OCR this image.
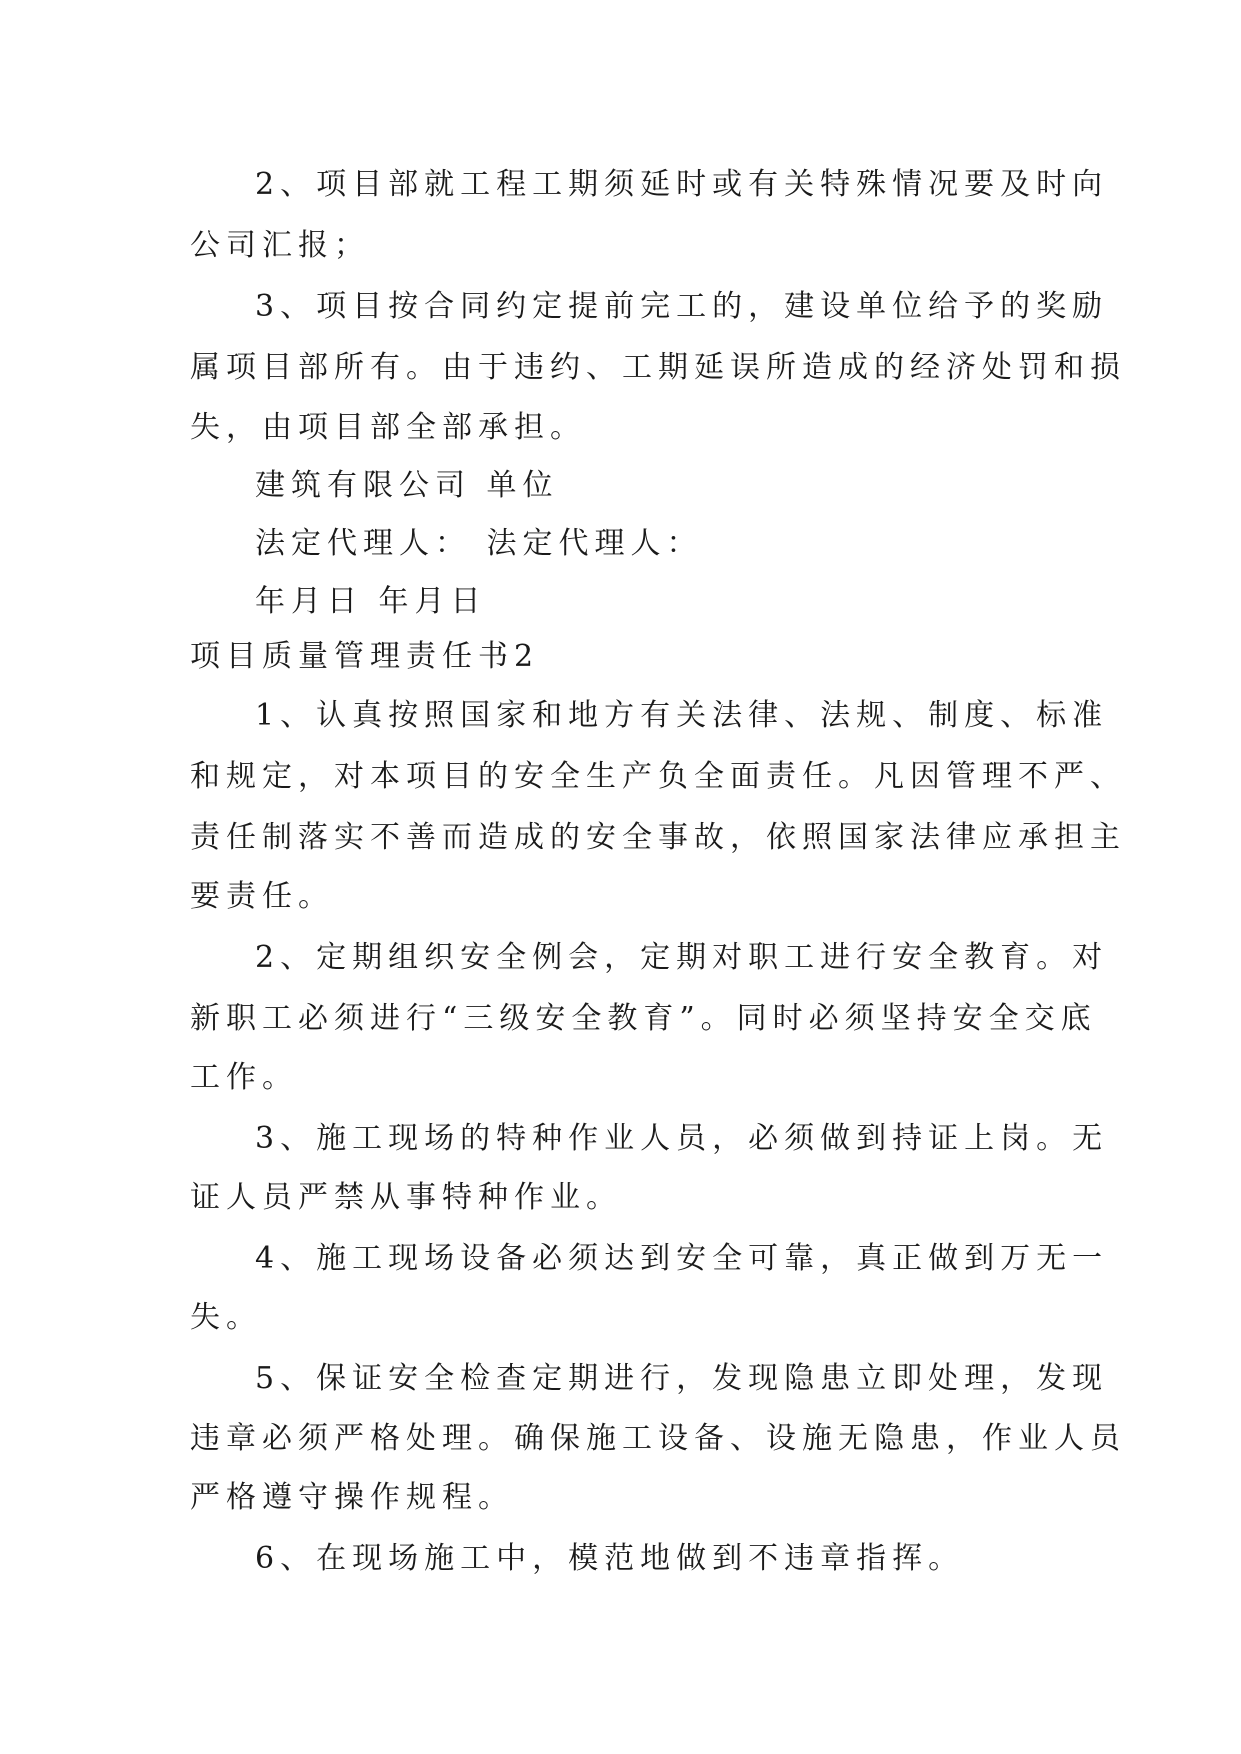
2、项目部就工程工期须延时或有关特殊情况要及时向
公司汇报；
3、项目按合同约定提前完工的，建设单位给予的奖励
属项目部所有。由于违约、工期延误所造成的经济处罚和损
失，由项目部全部承担。
建筑有限公司 单位
法定代理人： 法定代理人：
年月日 年月日
项目质量管理责任书2
1、认真按照国家和地方有关法律、法规、制度、标准
和规定，对本项目的安全生产负全面责任。凡因管理不严、
责任制落实不善而造成的安全事故，依照国家法律应承担主
要责任。
2、定期组织安全例会，定期对职工进行安全教育。对
新职工必须进行“三级安全教育”。同时必须坚持安全交底
工作。
3、施工现场的特种作业人员，必须做到持证上岗。无
证人员严禁从事特种作业。
4、施工现场设备必须达到安全可靠，真正做到万无一
失。
5、保证安全检查定期进行，发现隐患立即处理，发现
违章必须严格处理。确保施工设备、设施无隐患，作业人员
严格遵守操作规程。
6、在现场施工中，模范地做到不违章指挥。
